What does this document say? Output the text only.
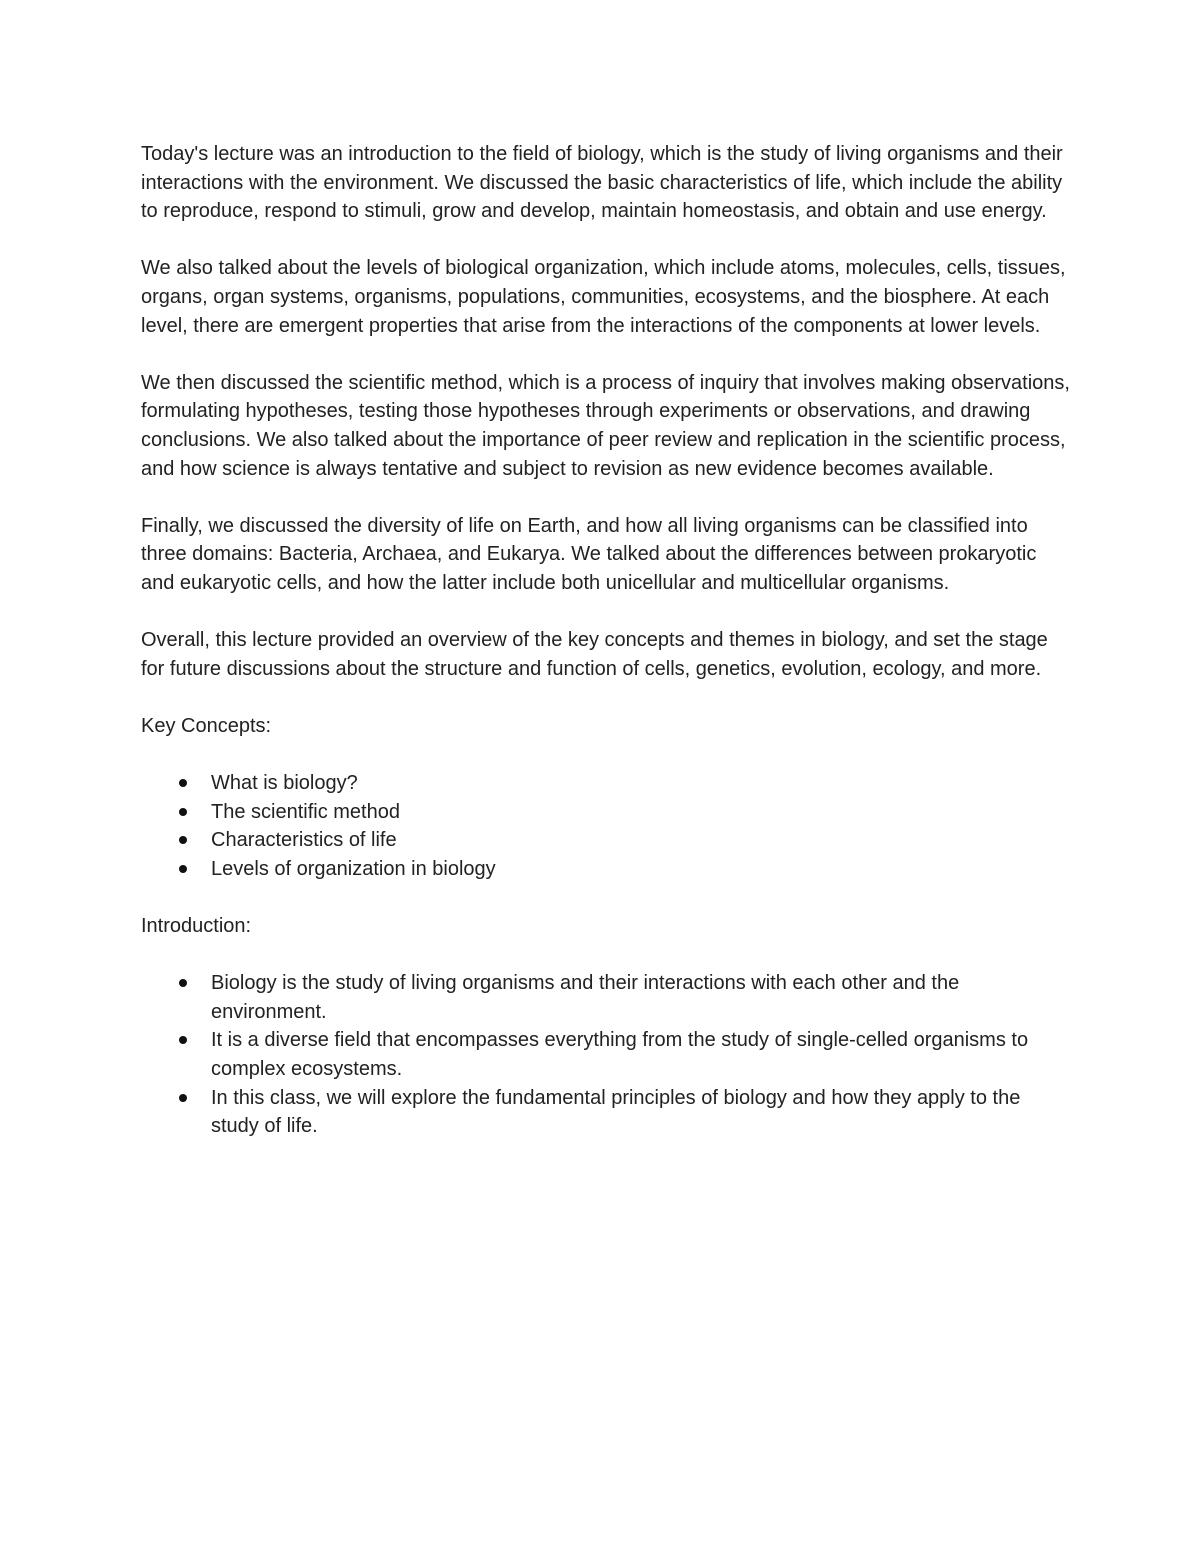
Today's lecture was an introduction to the field of biology, which is the study of living organisms and their interactions with the environment. We discussed the basic characteristics of life, which include the ability to reproduce, respond to stimuli, grow and develop, maintain homeostasis, and obtain and use energy.

We also talked about the levels of biological organization, which include atoms, molecules, cells, tissues, organs, organ systems, organisms, populations, communities, ecosystems, and the biosphere. At each level, there are emergent properties that arise from the interactions of the components at lower levels.

We then discussed the scientific method, which is a process of inquiry that involves making observations, formulating hypotheses, testing those hypotheses through experiments or observations, and drawing conclusions. We also talked about the importance of peer review and replication in the scientific process, and how science is always tentative and subject to revision as new evidence becomes available.

Finally, we discussed the diversity of life on Earth, and how all living organisms can be classified into three domains: Bacteria, Archaea, and Eukarya. We talked about the differences between prokaryotic and eukaryotic cells, and how the latter include both unicellular and multicellular organisms.

Overall, this lecture provided an overview of the key concepts and themes in biology, and set the stage for future discussions about the structure and function of cells, genetics, evolution, ecology, and more.

Key Concepts:

What is biology?
The scientific method
Characteristics of life
Levels of organization in biology

Introduction:

Biology is the study of living organisms and their interactions with each other and the environment.
It is a diverse field that encompasses everything from the study of single-celled organisms to complex ecosystems.
In this class, we will explore the fundamental principles of biology and how they apply to the study of life.
